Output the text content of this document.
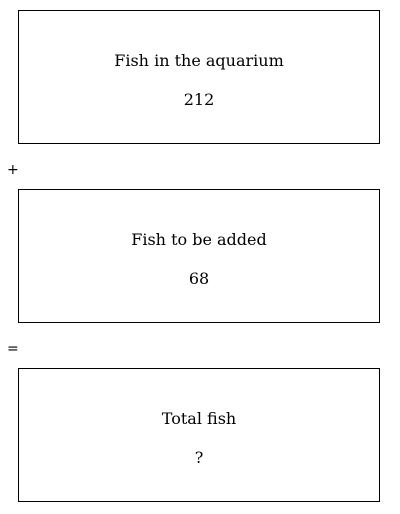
Fish in the aquarium
212
+
Fish to be added
68
=
Total fish
?
